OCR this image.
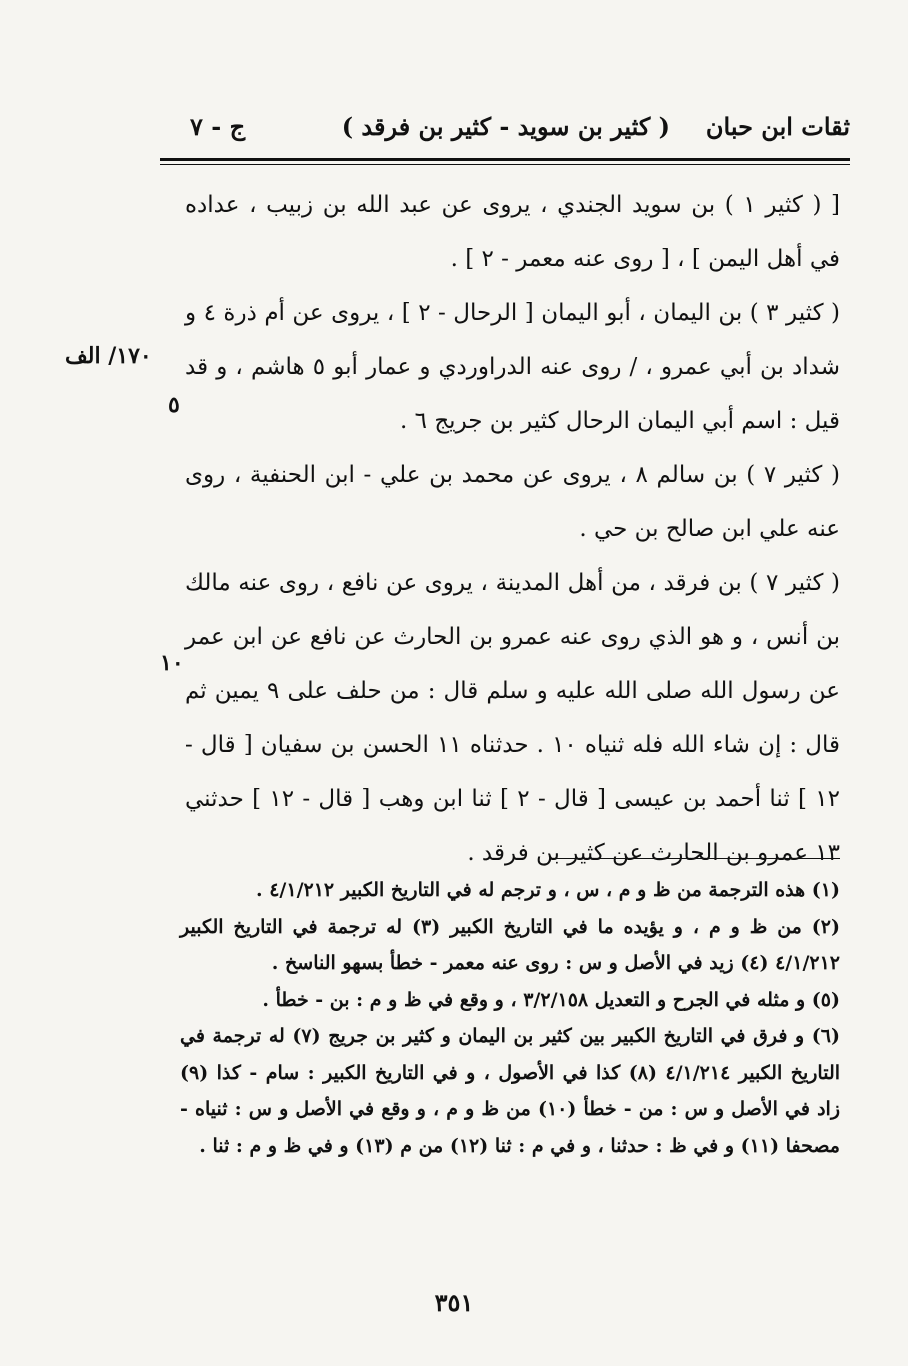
ثقات ابن حبان
( كثير بن سويد - كثير بن فرقد )
ج - ٧
١٧٠/ الف
٥
١٠

[ ( كثير ١ ) بن سويد الجندي ، يروى عن عبد الله بن زبيب ، عداده في أهل اليمن ] ، [ روى عنه معمر - ٢ ] .

( كثير ٣ ) بن اليمان ، أبو اليمان [ الرحال - ٢ ] ، يروى عن أم ذرة ٤ و شداد بن أبي عمرو ، / روى عنه الدراوردي و عمار أبو ٥ هاشم ، و قد قيل : اسم أبي اليمان الرحال كثير بن جريج ٦ .

( كثير ٧ ) بن سالم ٨ ، يروى عن محمد بن علي - ابن الحنفية ، روى عنه علي ابن صالح بن حي .

( كثير ٧ ) بن فرقد ، من أهل المدينة ، يروى عن نافع ، روى عنه مالك بن أنس ، و هو الذي روى عنه عمرو بن الحارث عن نافع عن ابن عمر عن رسول الله صلى الله عليه و سلم قال : من حلف على ٩ يمين ثم قال : إن شاء الله فله ثنياه ١٠ . حدثناه ١١ الحسن بن سفيان [ قال - ١٢ ] ثنا أحمد بن عيسى [ قال - ٢ ] ثنا ابن وهب [ قال - ١٢ ] حدثني ١٣ عمرو بن الحارث عن كثير بن فرقد .

(١) هذه الترجمة من ظ و م ، س ، و ترجم له في التاريخ الكبير ٤/١/٢١٢ .

(٢) من ظ و م ، و يؤيده ما في التاريخ الكبير (٣) له ترجمة في التاريخ الكبير ٤/١/٢١٢ (٤) زيد في الأصل و س : روى عنه معمر - خطأ بسهو الناسخ .

(٥) و مثله في الجرح و التعديل ٣/٢/١٥٨ ، و وقع في ظ و م : بن - خطأ .

(٦) و فرق في التاريخ الكبير بين كثير بن اليمان و كثير بن جريج (٧) له ترجمة في التاريخ الكبير ٤/١/٢١٤ (٨) كذا في الأصول ، و في التاريخ الكبير : سام - كذا (٩) زاد في الأصل و س : من - خطأ (١٠) من ظ و م ، و وقع في الأصل و س : ثنياه - مصحفا (١١) و في ظ : حدثنا ، و في م : ثنا (١٢) من م (١٣) و في ظ و م : ثنا .

٣٥١
